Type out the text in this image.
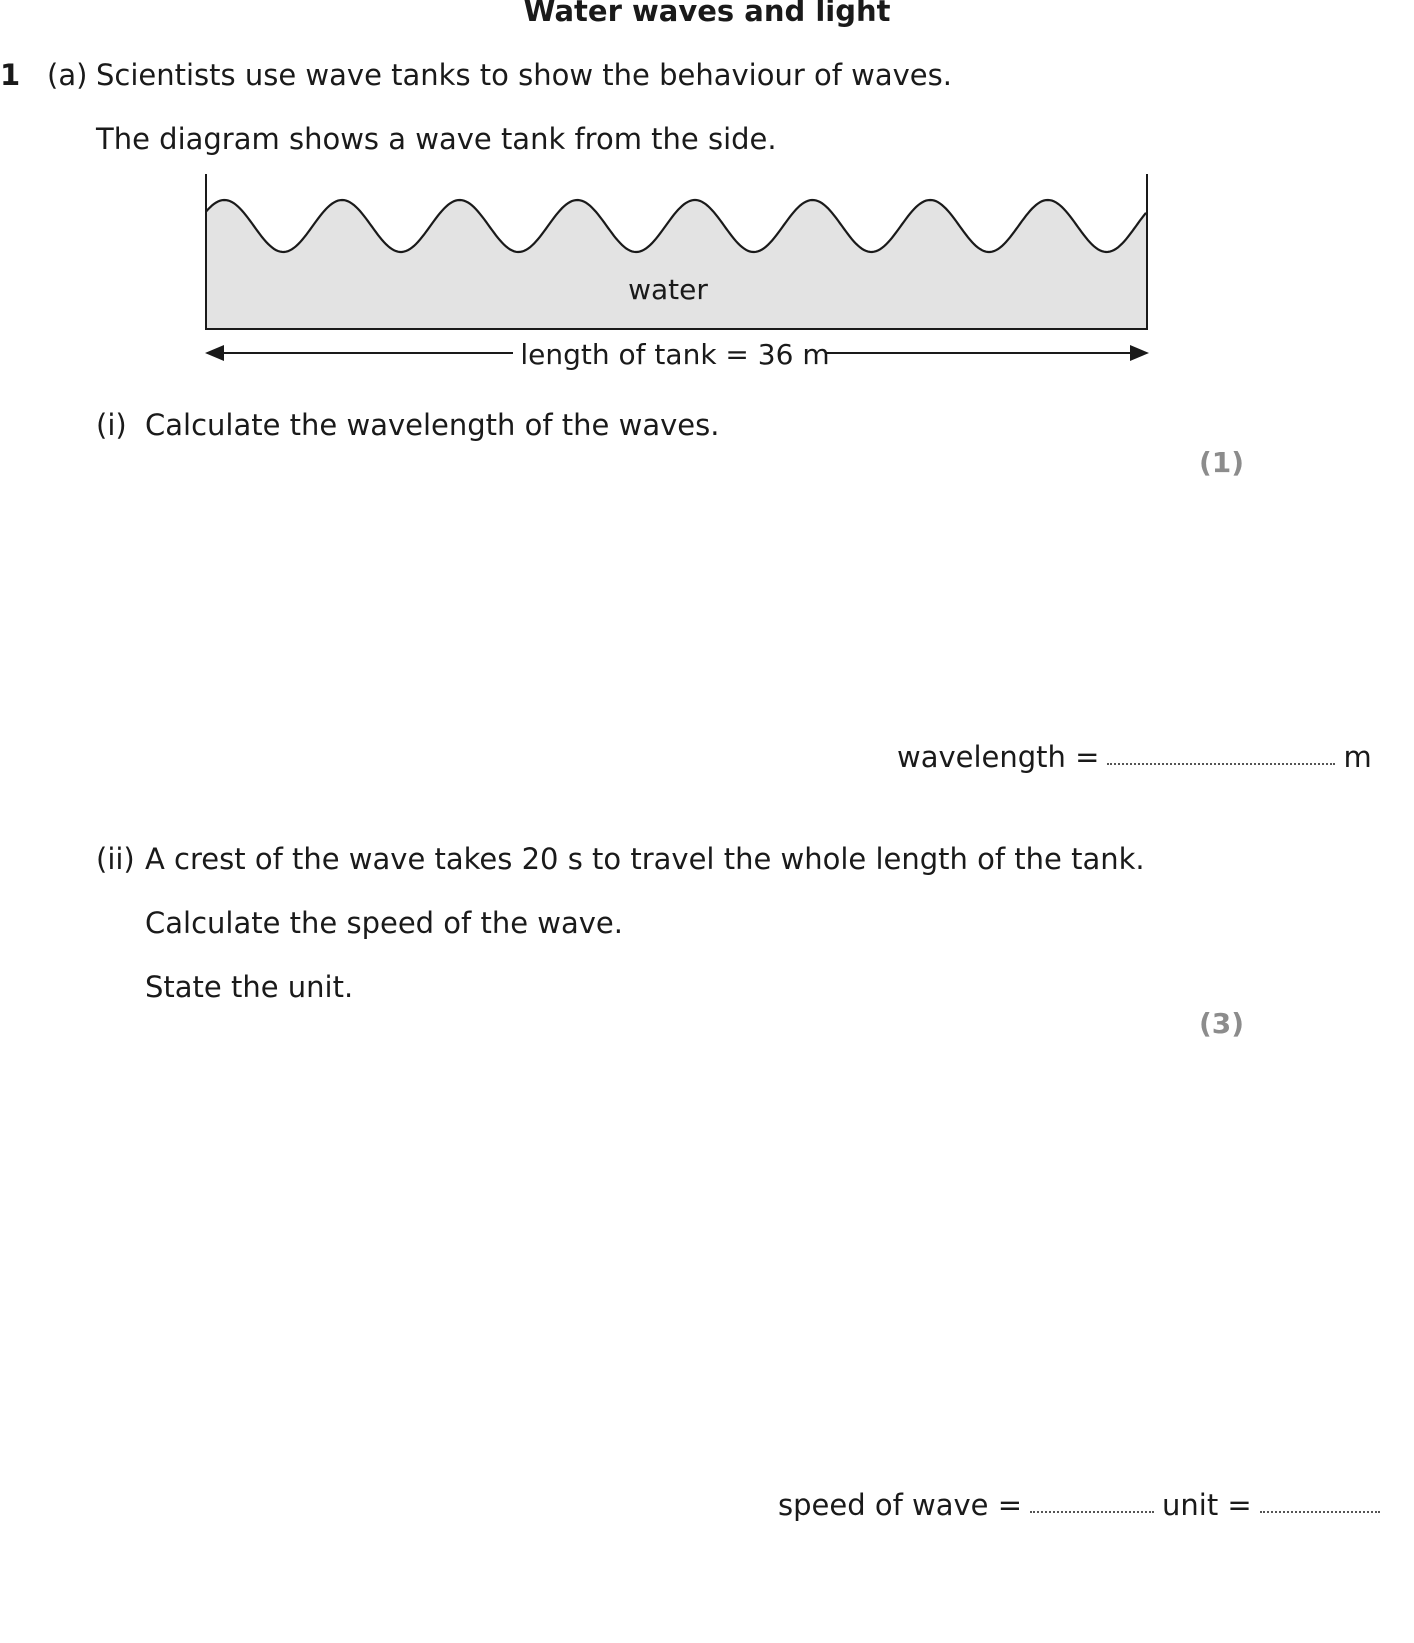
Water waves and light
1 (a) Scientists use wave tanks to show the behaviour of waves.
The diagram shows a wave tank from the side.
water
length of tank = 36 m
(i) Calculate the wavelength of the waves.
(1)
wavelength =	m
(ii) A crest of the wave takes 20 s to travel the whole length of the tank.
Calculate the speed of the wave.
State the unit.
(3)
speed of wave =	unit =
